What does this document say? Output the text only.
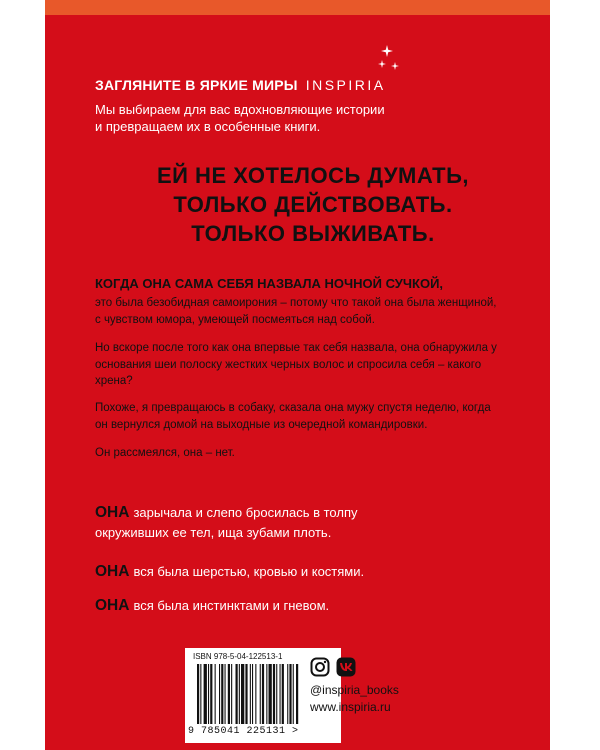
ЗАГЛЯНИТЕ В ЯРКИЕ МИРЫ INSPIRIA
Мы выбираем для вас вдохновляющие истории
и превращаем их в особенные книги.
ЕЙ НЕ ХОТЕЛОСЬ ДУМАТЬ,
ТОЛЬКО ДЕЙСТВОВАТЬ.
ТОЛЬКО ВЫЖИВАТЬ.
КОГДА ОНА САМА СЕБЯ НАЗВАЛА НОЧНОЙ СУЧКОЙ,
это была безобидная самоирония – потому что такой она была женщиной, с чувством юмора, умеющей посмеяться над собой.
Но вскоре после того как она впервые так себя назвала, она обнаружила у основания шеи полоску жестких черных волос и спросила себя – какого хрена?
Похоже, я превращаюсь в собаку, сказала она мужу спустя неделю, когда он вернулся домой на выходные из очередной командировки.
Он рассмеялся, она – нет.
ОНА зарычала и слепо бросилась в толпу
окруживших ее тел, ища зубами плоть.
ОНА вся была шерстью, кровью и костями.
ОНА вся была инстинктами и гневом.
ISBN 978-5-04-122513-1
9 785041 225131 >
@inspiria_books
www.inspiria.ru
